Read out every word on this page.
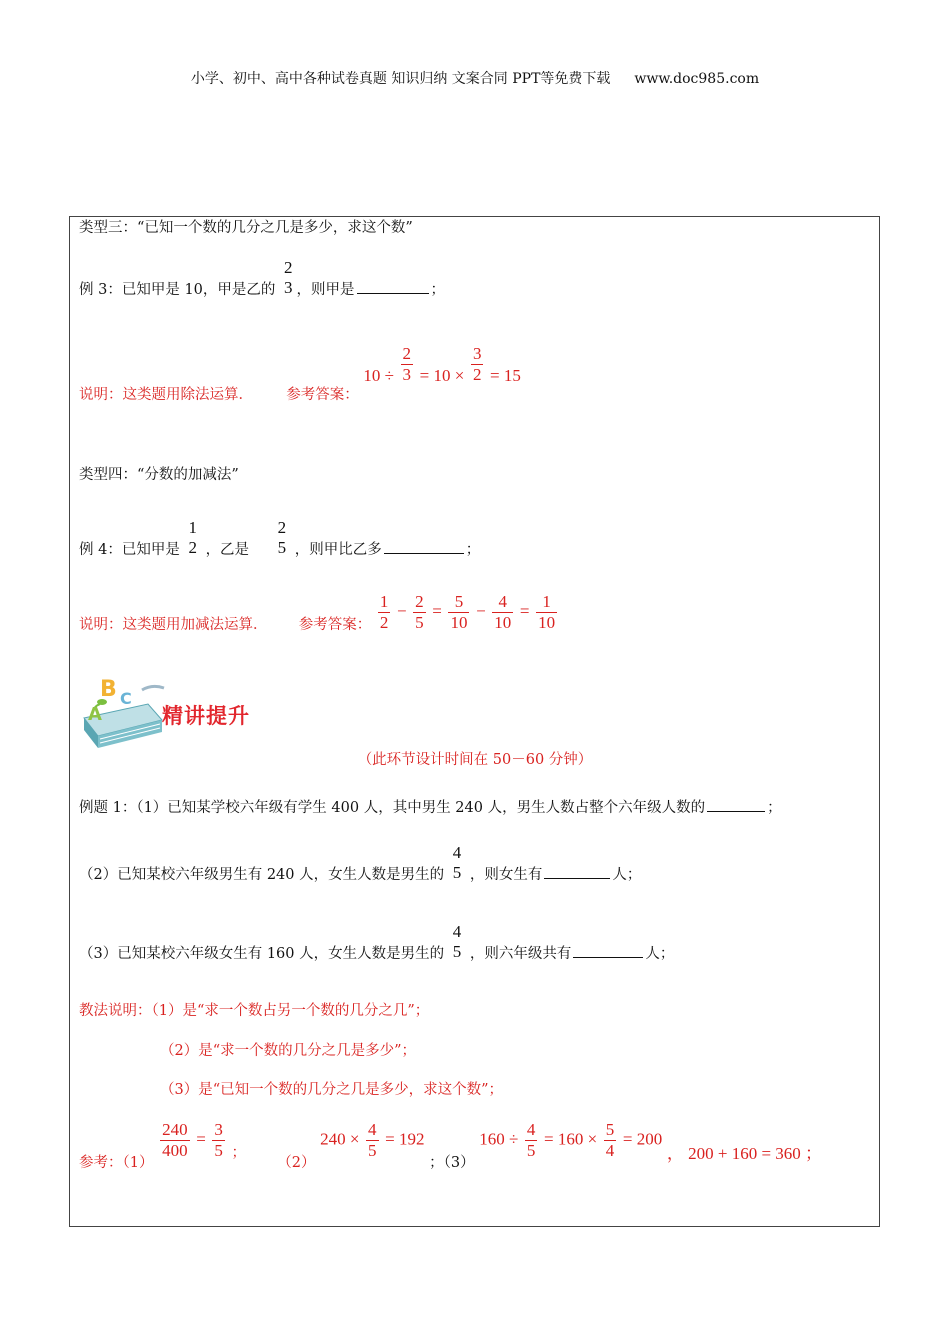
小学、初中、高中各种试卷真题 知识归纳 文案合同 PPT等免费下载 www.doc985.com
类型三：“已知一个数的几分之几是多少，求这个数”
例 3：已知甲是 10，甲是乙的
2
3 ，则甲是	；
说明：这类题用除法运算． 参考答案： $10 \div \frac{2}{3} = 10 \times \frac{3}{2} = 15$
类型四：“分数的加减法”
例 4：已知甲是
1
2 ，乙是
2
5 ，则甲比乙多	；
说明：这类题用加减法运算． 参考答案： $\frac{1}{2} - \frac{2}{5} = \frac{5}{10} - \frac{4}{10} = \frac{1}{10}$
A
B C
精讲提升
（此环节设计时间在 50－60 分钟）
例题 1：（1）已知某学校六年级有学生 400 人，其中男生 240 人，男生人数占整个六年级人数的	；
（2）已知某校六年级男生有 240 人，女生人数是男生的
4
5 ，则女生有	人；
（3）已知某校六年级女生有 160 人，女生人数是男生的
4
5 ，则六年级共有	人；
教法说明：（1）是“求一个数占另一个数的几分之几”；
（2）是“求一个数的几分之几是多少”；
（3）是“已知一个数的几分之几是多少，求这个数”；
参考：（1）
$\frac{240}{400} = \frac{3}{5}$ ；  （2） $240 \times \frac{4}{5} = 192$ ；（3） $160 \div \frac{4}{5} = 160 \times \frac{5}{4} = 200$ ， 200 + 160 = 360 ；
